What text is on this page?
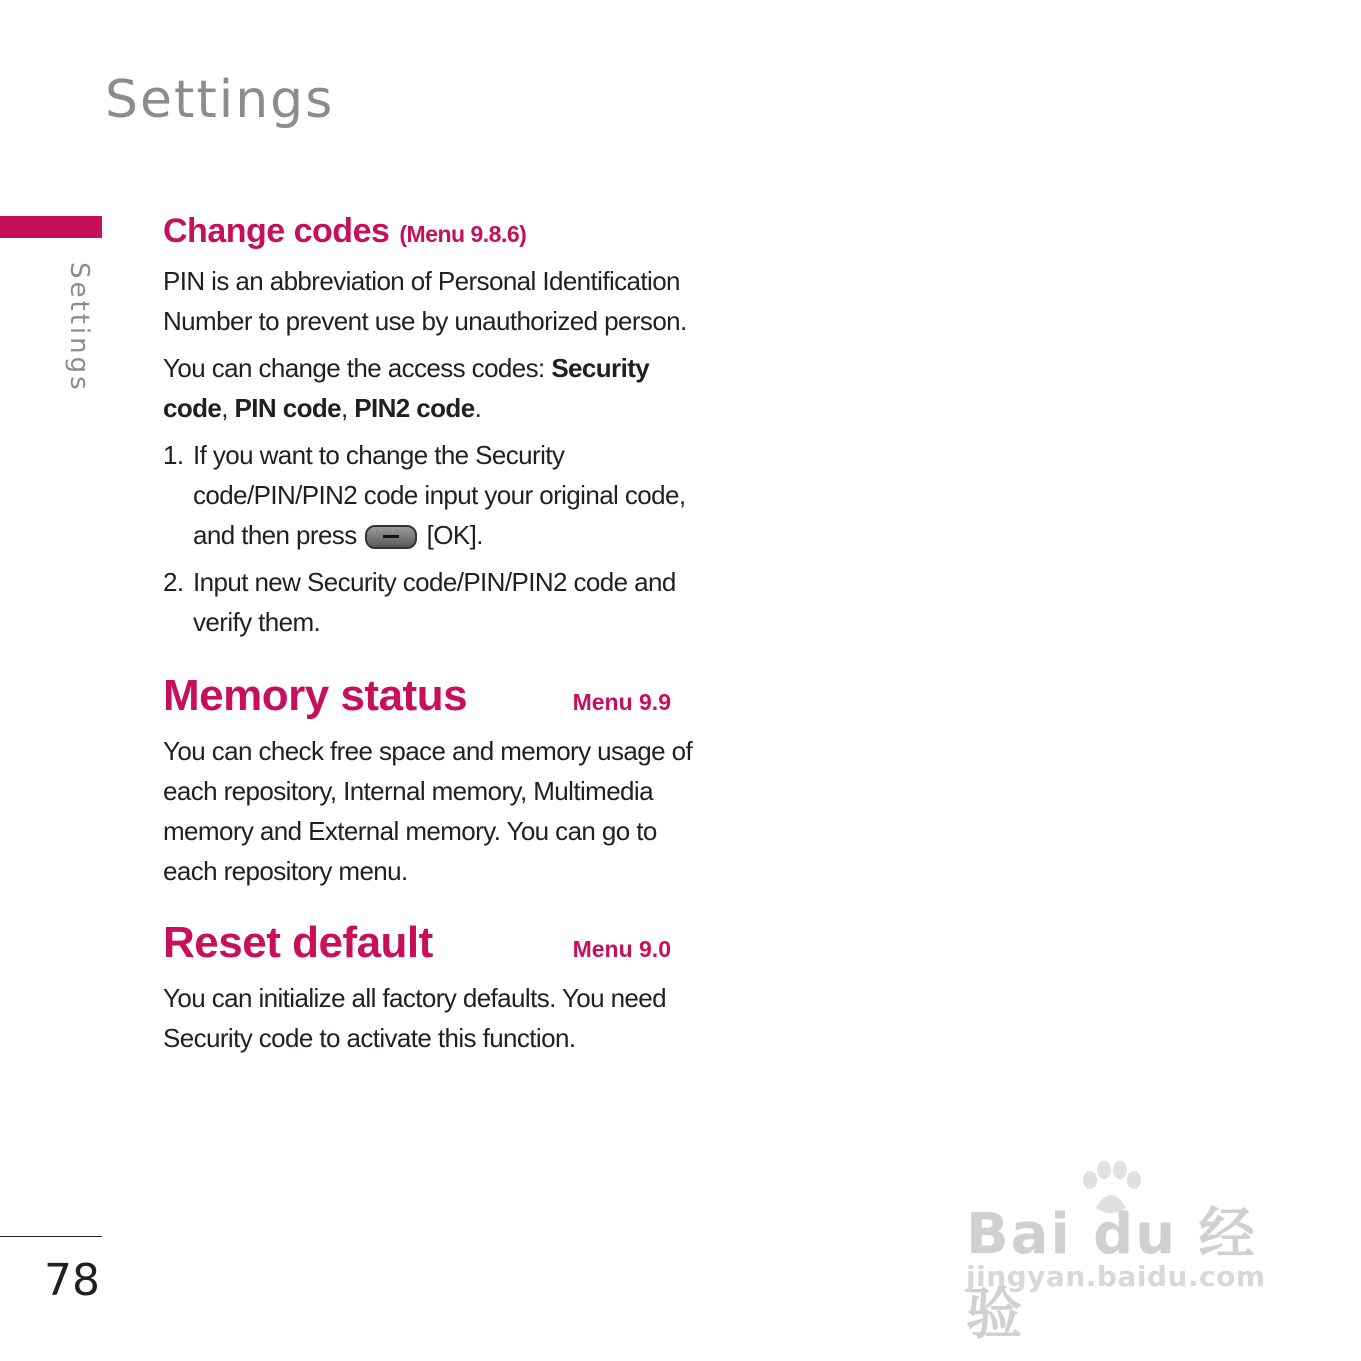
Settings
Settings
Change codes (Menu 9.8.6)

PIN is an abbreviation of Personal Identification Number to prevent use by unauthorized person.

You can change the access codes: Security code, PIN code, PIN2 code.

1. If you want to change the Security code/PIN/PIN2 code input your original code, and then press	[OK].
2. Input new Security code/PIN/PIN2 code and verify them.
Memory status	Menu 9.9

You can check free space and memory usage of each repository, Internal memory, Multimedia memory and External memory. You can go to each repository menu.

Reset default	Menu 9.0

You can initialize all factory defaults. You need Security code to activate this function.

78
Bai du 经验
jingyan.baidu.com
